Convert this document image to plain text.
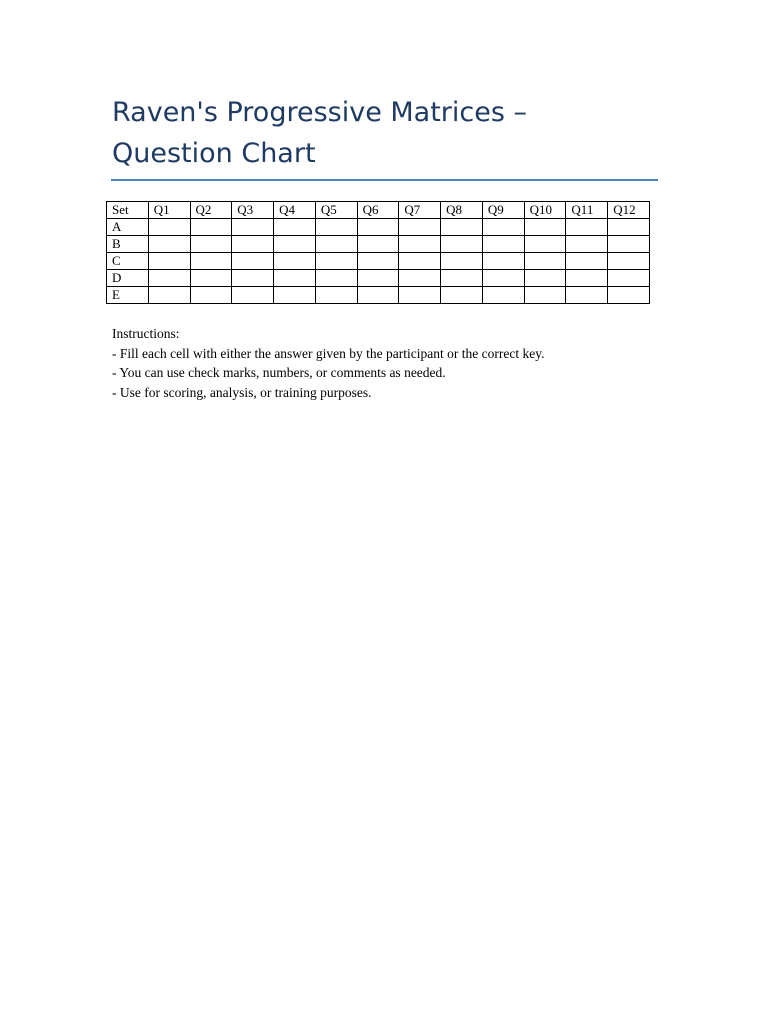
Raven's Progressive Matrices – Question Chart
Set	Q1	Q2	Q3	Q4	Q5	Q6	Q7	Q8	Q9	Q10	Q11	Q12
A												
B												
C												
D												
E												
Instructions:
- Fill each cell with either the answer given by the participant or the correct key.
- You can use check marks, numbers, or comments as needed.
- Use for scoring, analysis, or training purposes.
